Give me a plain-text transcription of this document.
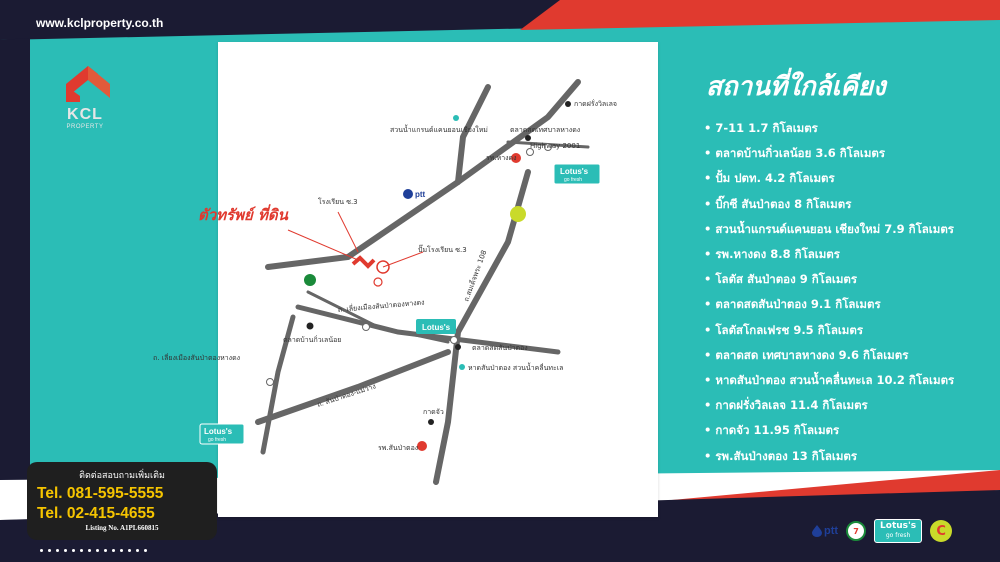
www.kclproperty.co.th
KCL
PROPERTY
Lotus's
go fresh
Lotus's
Lotus's
go fresh
ptt
ตัวทรัพย์ ที่ดิน
โรงเรียน ซ.3
ปั๊มโรงเรียน ซ.3
Highway 2001
ถ.สมเด็จพระ 108
ถ. เลี่ยงเมืองสันป่าตองหางดง
ถ. เลี่ยงเมืองสันป่าตองหางดง
ถ. สันป่าตอง-แม่วาง
สวนน้ำแกรนด์แคนยอนเชียงใหม่	ตลาดสดเทศบาลหางดง
กาดฝรั่งวิลเลจ
รพ.หางดง
ตลาดบ้านกิ่วเลน้อย
ตลาดสดสันป่าตอง
หาดสันป่าตอง สวนน้ำคลื่นทะเล
กาดจัว
รพ.สันป่าตอง
สถานที่ใกล้เคียง
• 7-11 1.7 กิโลเมตร
• ตลาดบ้านกิ่วเลน้อย 3.6 กิโลเมตร
• ปั้ม ปตท. 4.2 กิโลเมตร
• บิ๊กซี สันป่าตอง 8 กิโลเมตร
• สวนน้ำแกรนด์แคนยอน เชียงใหม่ 7.9 กิโลเมตร
• รพ.หางดง 8.8 กิโลเมตร
• โลตัส สันป่าตอง 9 กิโลเมตร
• ตลาดสดสันป่าตอง 9.1 กิโลเมตร
• โลตัสโกลเฟรช 9.5 กิโลเมตร
• ตลาดสด เทศบาลหางดง 9.6 กิโลเมตร
• หาดสันป่าตอง สวนน้ำคลื่นทะเล 10.2 กิโลเมตร
• กาดฝรั่งวิลเลจ 11.4 กิโลเมตร
• กาดจัว 11.95 กิโลเมตร
• รพ.สันป่างตอง 13 กิโลเมตร
ติดต่อสอบถามเพิ่มเติม
Tel. 081-595-5555
Tel. 02-415-4655
Listing No. A1PL660815	ptt	7	Lotus's
go fresh	C
